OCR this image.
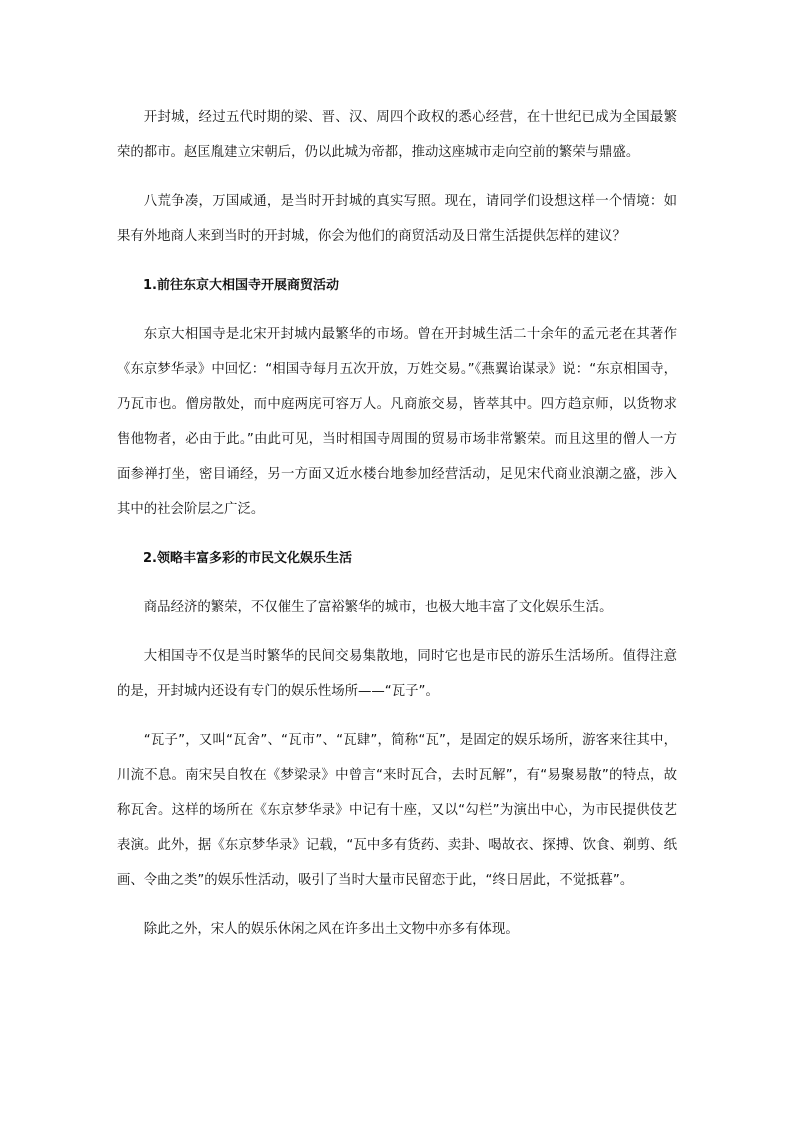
开封城，经过五代时期的梁、晋、汉、周四个政权的悉心经营，在十世纪已成为全国最繁荣的都市。赵匡胤建立宋朝后，仍以此城为帝都，推动这座城市走向空前的繁荣与鼎盛。

八荒争凑，万国咸通，是当时开封城的真实写照。现在，请同学们设想这样一个情境：如果有外地商人来到当时的开封城，你会为他们的商贸活动及日常生活提供怎样的建议？

1.前往东京大相国寺开展商贸活动

东京大相国寺是北宋开封城内最繁华的市场。曾在开封城生活二十余年的孟元老在其著作《东京梦华录》中回忆：“相国寺每月五次开放，万姓交易。”《燕翼诒谋录》说：“东京相国寺，乃瓦市也。僧房散处，而中庭两庑可容万人。凡商旅交易，皆萃其中。四方趋京师，以货物求售他物者，必由于此。”由此可见，当时相国寺周围的贸易市场非常繁荣。而且这里的僧人一方面参禅打坐，密目诵经，另一方面又近水楼台地参加经营活动，足见宋代商业浪潮之盛，涉入其中的社会阶层之广泛。

2.领略丰富多彩的市民文化娱乐生活

商品经济的繁荣，不仅催生了富裕繁华的城市，也极大地丰富了文化娱乐生活。

大相国寺不仅是当时繁华的民间交易集散地，同时它也是市民的游乐生活场所。值得注意的是，开封城内还设有专门的娱乐性场所——“瓦子”。

“瓦子”，又叫“瓦舍”、“瓦市”、“瓦肆”，简称“瓦”，是固定的娱乐场所，游客来往其中，川流不息。南宋吴自牧在《梦梁录》中曾言“来时瓦合，去时瓦解”，有“易聚易散”的特点，故称瓦舍。这样的场所在《东京梦华录》中记有十座，又以“勾栏”为演出中心，为市民提供伎艺表演。此外，据《东京梦华录》记载，“瓦中多有货药、卖卦、喝故衣、探搏、饮食、剃剪、纸画、令曲之类”的娱乐性活动，吸引了当时大量市民留恋于此，“终日居此，不觉抵暮”。

除此之外，宋人的娱乐休闲之风在许多出土文物中亦多有体现。
